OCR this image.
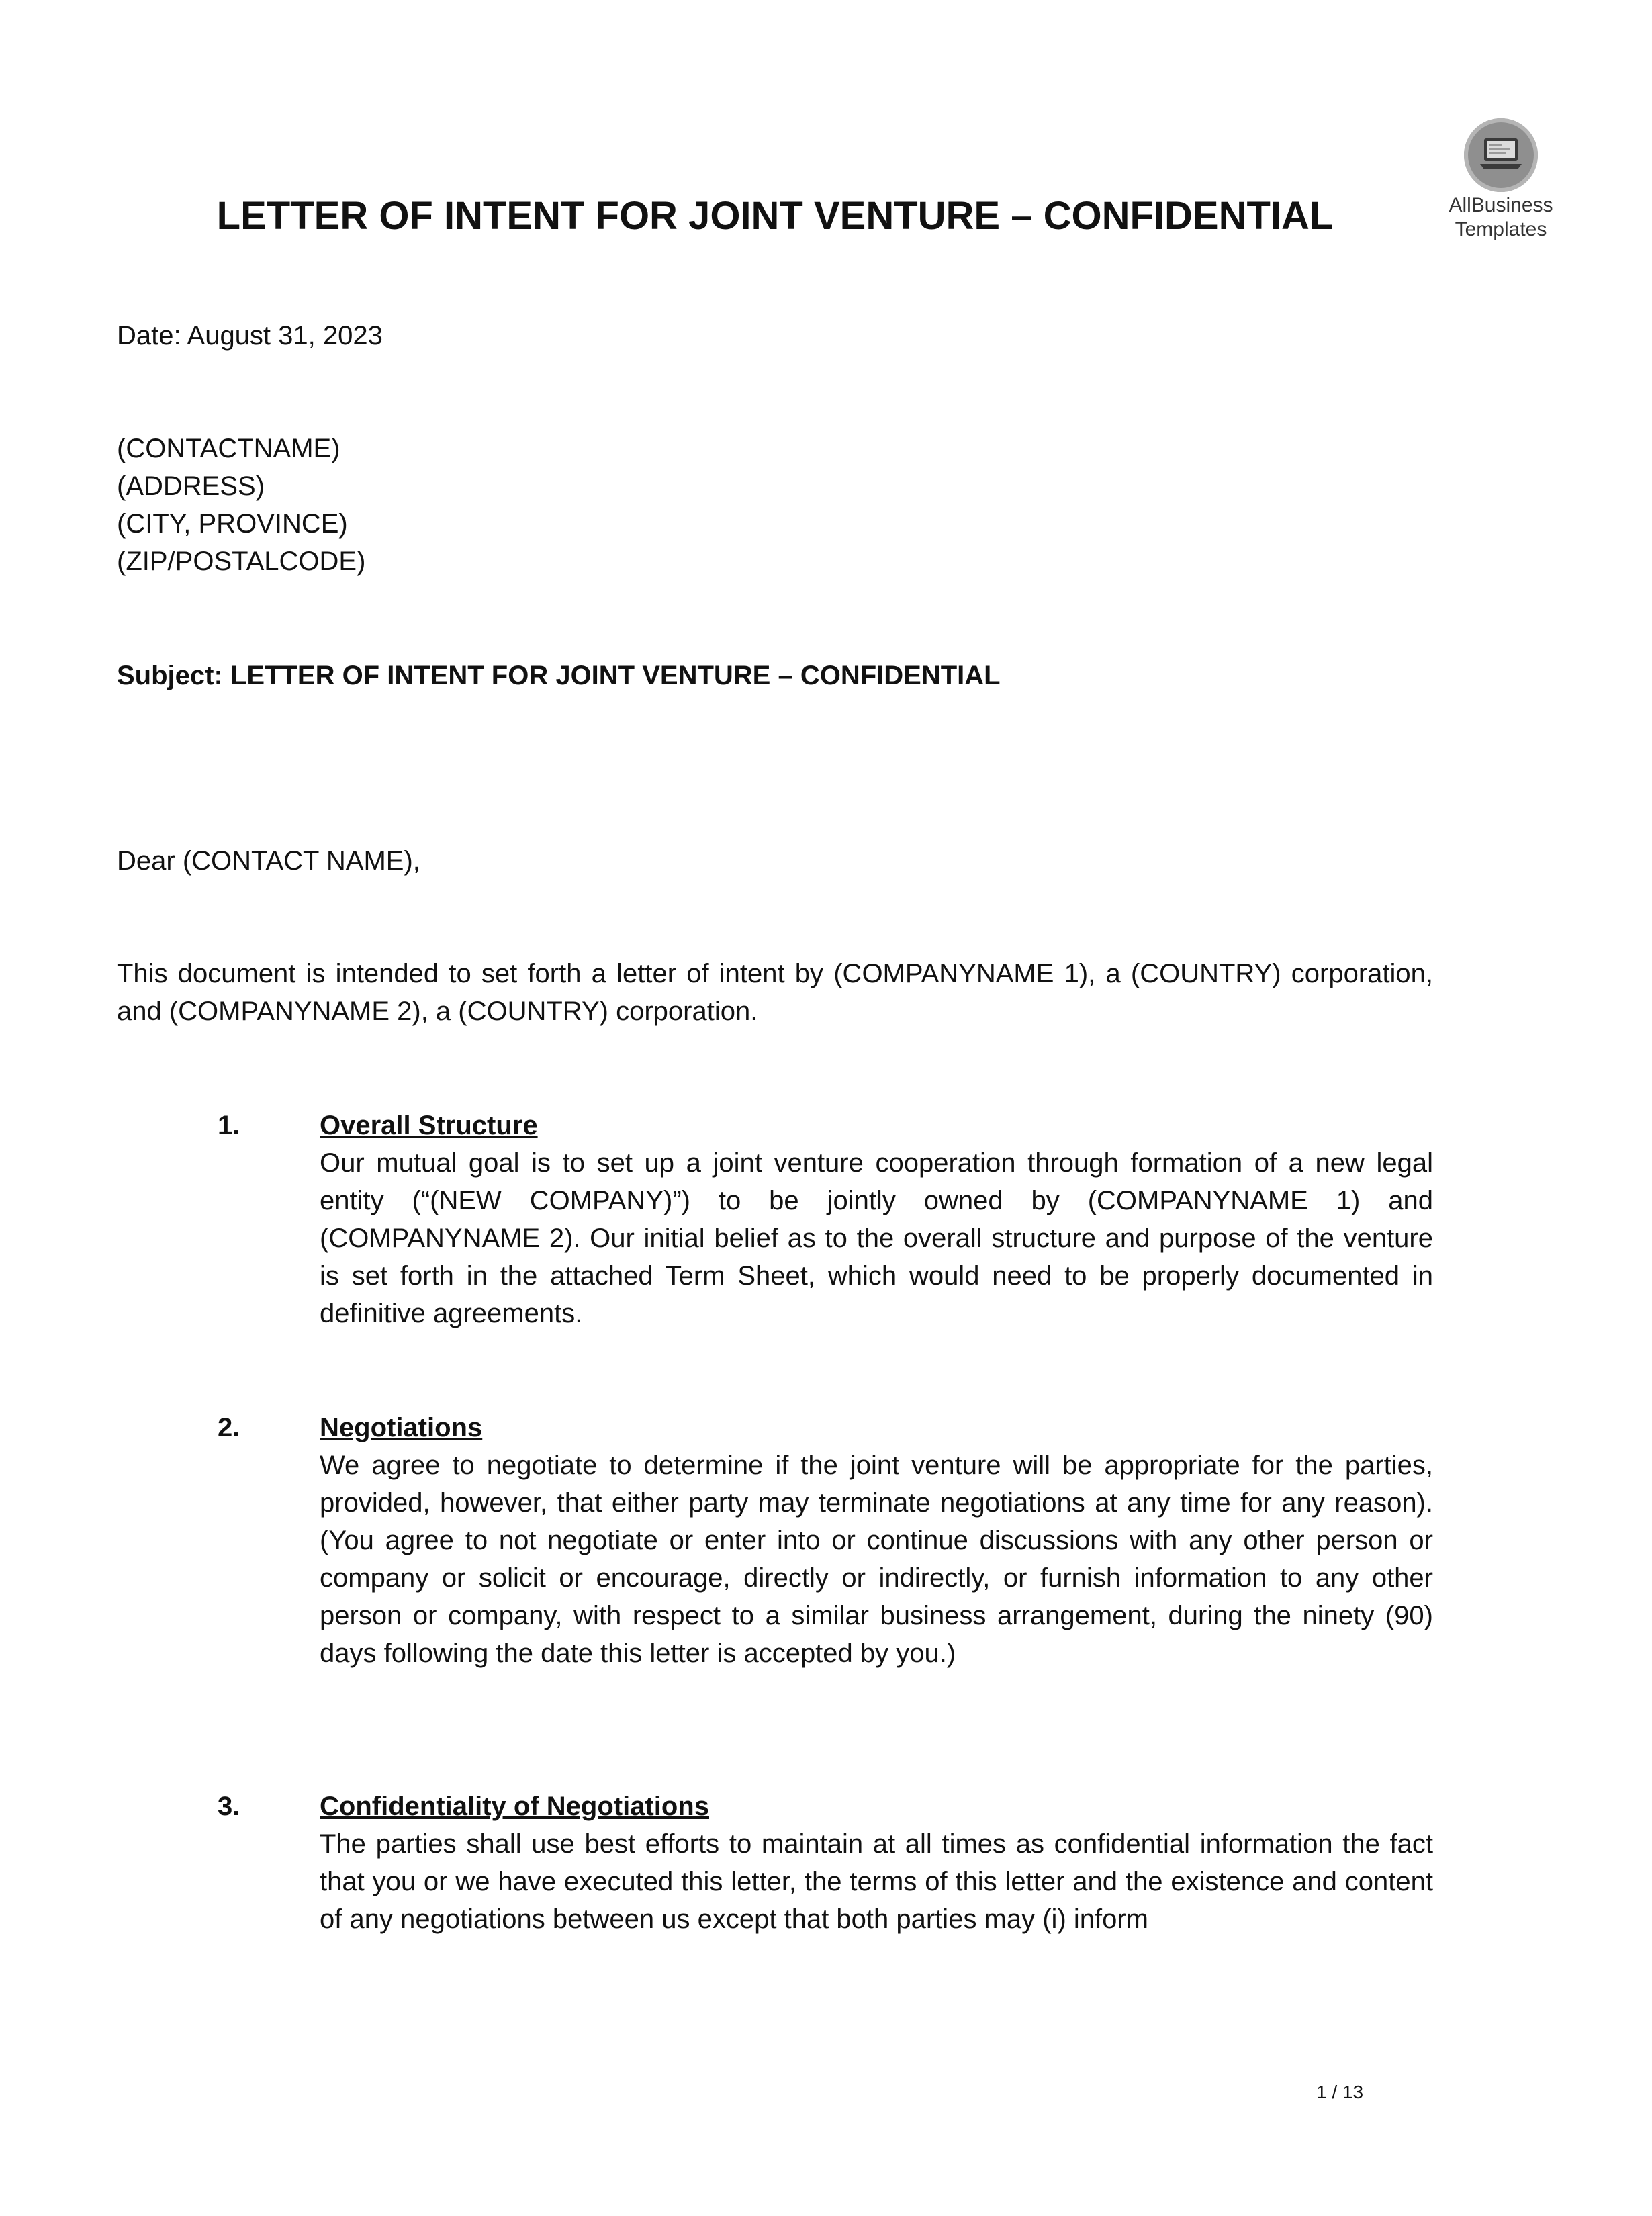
AllBusiness
Templates
LETTER OF INTENT FOR JOINT VENTURE – CONFIDENTIAL

Date: August 31, 2023

(CONTACTNAME)
(ADDRESS)
(CITY, PROVINCE)
(ZIP/POSTALCODE)

Subject: LETTER OF INTENT FOR JOINT VENTURE – CONFIDENTIAL

Dear (CONTACT NAME),

This document is intended to set forth a letter of intent by (COMPANYNAME 1), a (COUNTRY) corporation, and (COMPANYNAME 2), a (COUNTRY) corporation.

1.	Overall Structure

Our mutual goal is to set up a joint venture cooperation through formation of a new legal entity (“(NEW COMPANY)”) to be jointly owned by (COMPANYNAME 1) and (COMPANYNAME 2). Our initial belief as to the overall structure and purpose of the venture is set forth in the attached Term Sheet, which would need to be properly documented in definitive agreements.

2.	Negotiations

We agree to negotiate to determine if the joint venture will be appropriate for the parties, provided, however, that either party may terminate negotiations at any time for any reason). (You agree to not negotiate or enter into or continue discussions with any other person or company or solicit or encourage, directly or indirectly, or furnish information to any other person or company, with respect to a similar business arrangement, during the ninety (90) days following the date this letter is accepted by you.)

3.	Confidentiality of Negotiations

The parties shall use best efforts to maintain at all times as confidential information the fact that you or we have executed this letter, the terms of this letter and the existence and content of any negotiations between us except that both parties may (i) inform

1 / 13
